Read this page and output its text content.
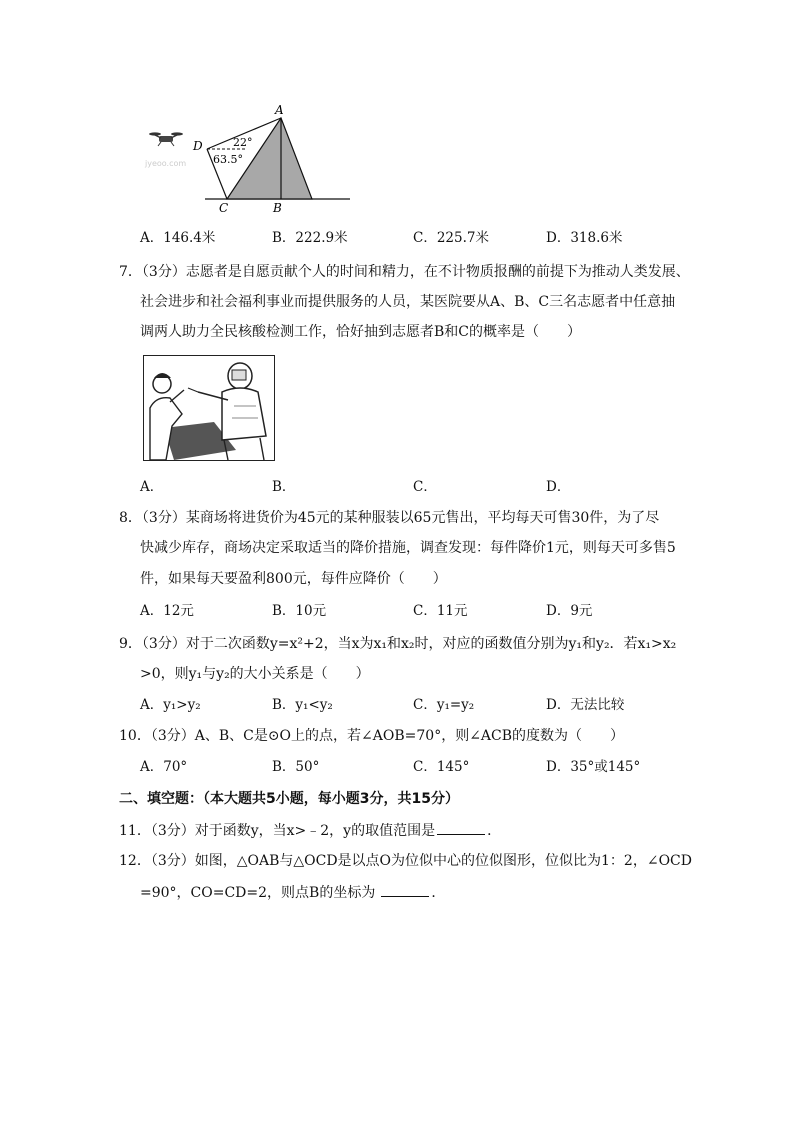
jyeoo.com
A
D
C	B
22°
63.5°
A．146.4米	B．222.9米	C．225.7米	D．318.6米
7．（3分）志愿者是自愿贡献个人的时间和精力，在不计物质报酬的前提下为推动人类发展、
社会进步和社会福利事业而提供服务的人员，某医院要从A、B、C三名志愿者中任意抽
调两人助力全民核酸检测工作，恰好抽到志愿者B和C的概率是（　　）
A．	B．	C．	D．
8．（3分）某商场将进货价为45元的某种服装以65元售出，平均每天可售30件，为了尽
快减少库存，商场决定采取适当的降价措施，调查发现：每件降价1元，则每天可多售5
件，如果每天要盈利800元，每件应降价（　　）
A．12元	B．10元	C．11元	D．9元
9．（3分）对于二次函数y=x²+2，当x为x₁和x₂时，对应的函数值分别为y₁和y₂．若x₁>x₂
>0，则y₁与y₂的大小关系是（　　）
A．y₁>y₂	B．y₁<y₂	C．y₁=y₂	D．无法比较
10．（3分）A、B、C是⊙O上的点，若∠AOB=70°，则∠ACB的度数为（　　）
A．70°	B．50°	C．145°	D．35°或145°
二、填空题：（本大题共5小题，每小题3分，共15分）
11．（3分）对于函数y，当x>﹣2，y的取值范围是	．
12．（3分）如图，△OAB与△OCD是以点O为位似中心的位似图形，位似比为1：2，∠OCD
=90°，CO=CD=2，则点B的坐标为	．
